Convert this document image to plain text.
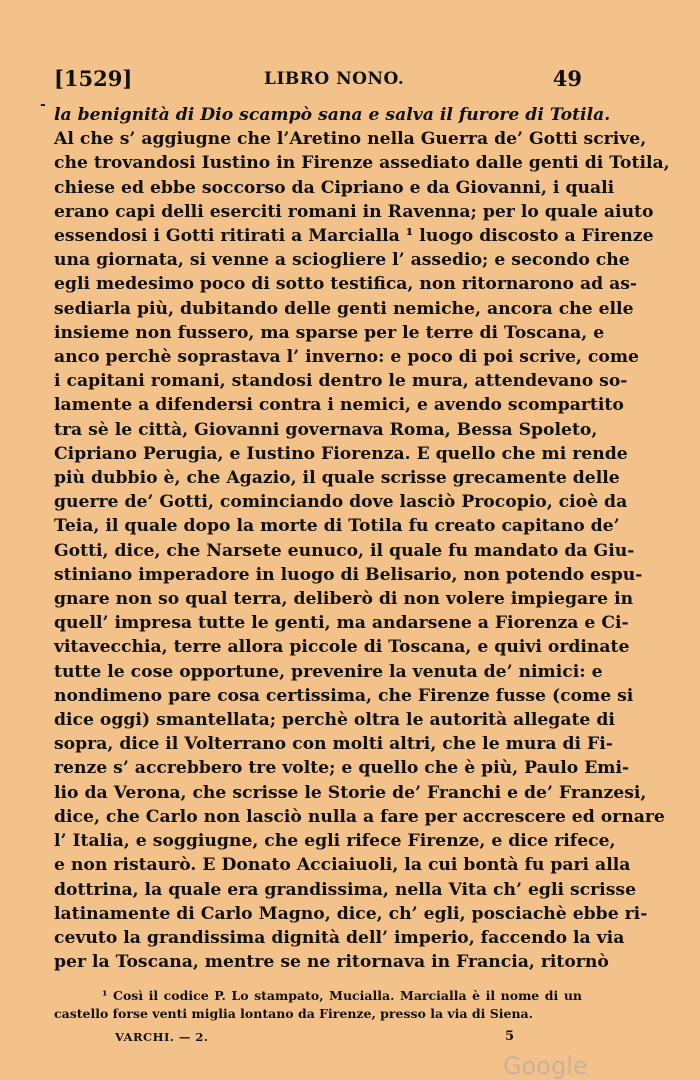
[1529]	LIBRO NONO.	49
- la benignità di Dio scampò sana e salva il furore di Totila.
Al che s’ aggiugne che l’Aretino nella Guerra de’ Gotti scrive,
che trovandosi Iustino in Firenze assediato dalle genti di Totila,
chiese ed ebbe soccorso da Cipriano e da Giovanni, i quali
erano capi delli eserciti romani in Ravenna; per lo quale aiuto
essendosi i Gotti ritirati a Marcialla ¹ luogo discosto a Firenze
una giornata, si venne a sciogliere l’ assedio; e secondo che
egli medesimo poco di sotto testifica, non ritornarono ad as-
sediarla più, dubitando delle genti nemiche, ancora che elle
insieme non fussero, ma sparse per le terre di Toscana, e
anco perchè soprastava l’ inverno: e poco di poi scrive, come
i capitani romani, standosi dentro le mura, attendevano so-
lamente a difendersi contra i nemici, e avendo scompartito
tra sè le città, Giovanni governava Roma, Bessa Spoleto,
Cipriano Perugia, e Iustino Fiorenza. E quello che mi rende
più dubbio è, che Agazio, il quale scrisse grecamente delle
guerre de’ Gotti, cominciando dove lasciò Procopio, cioè da
Teia, il quale dopo la morte di Totila fu creato capitano de’
Gotti, dice, che Narsete eunuco, il quale fu mandato da Giu-
stiniano imperadore in luogo di Belisario, non potendo espu-
gnare non so qual terra, deliberò di non volere impiegare in
quell’ impresa tutte le genti, ma andarsene a Fiorenza e Ci-
vitavecchia, terre allora piccole di Toscana, e quivi ordinate
tutte le cose opportune, prevenire la venuta de’ nimici: e
nondimeno pare cosa certissima, che Firenze fusse (come si
dice oggi) smantellata; perchè oltra le autorità allegate di
sopra, dice il Volterrano con molti altri, che le mura di Fi-
renze s’ accrebbero tre volte; e quello che è più, Paulo Emi-
lio da Verona, che scrisse le Storie de’ Franchi e de’ Franzesi,
dice, che Carlo non lasciò nulla a fare per accrescere ed ornare
l’ Italia, e soggiugne, che egli rifece Firenze, e dice rifece,
e non ristaurò. E Donato Acciaiuoli, la cui bontà fu pari alla
dottrina, la quale era grandissima, nella Vita ch’ egli scrisse
latinamente di Carlo Magno, dice, ch’ egli, posciachè ebbe ri-
cevuto la grandissima dignità dell’ imperio, faccendo la via
per la Toscana, mentre se ne ritornava in Francia, ritornò
¹ Così il codice P. Lo stampato, Mucialla. Marcialla è il nome di un
castello forse venti miglia lontano da Firenze, presso la via di Siena.
VARCHI. — 2.	5
Google
